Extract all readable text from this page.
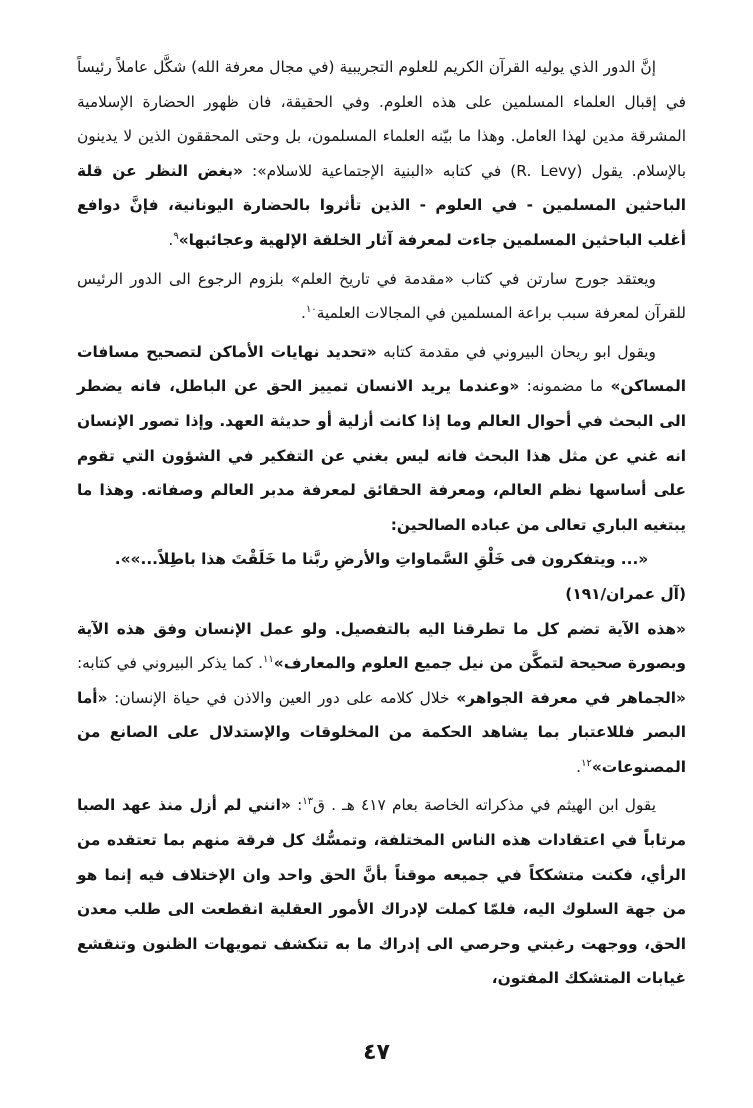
إنَّ الدور الذي يوليه القرآن الكريم للعلوم التجريبية (في مجال معرفة الله) شكَّل عاملاً رئيساً في إقبال العلماء المسلمين على هذه العلوم. وفي الحقيقة، فان ظهور الحضارة الإسلامية المشرقة مدين لهذا العامل. وهذا ما بيّنه العلماء المسلمون، بل وحتى المحققون الذين لا يدينون بالإسلام. يقول (R. Levy) في كتابه «البنية الإجتماعية للاسلام»: «بغض النظر عن قلة الباحثين المسلمين - في العلوم - الذين تأثروا بالحضارة اليونانية، فإنَّ دوافع أغلب الباحثين المسلمين جاءت لمعرفة آثار الخلقة الإلهية وعجائبها»$^٩$.

ويعتقد جورج سارتن في كتاب «مقدمة في تاريخ العلم» بلزوم الرجوع الى الدور الرئيس للقرآن لمعرفة سبب براعة المسلمين في المجالات العلمية$^{١٠}$.

ويقول ابو ريحان البيروني في مقدمة كتابه «تحديد نهايات الأماكن لتصحيح مسافات المساكن» ما مضمونه: «وعندما يريد الانسان تمييز الحق عن الباطل، فانه يضطر الى البحث في أحوال العالم وما إذا كانت أزلية أو حديثة العهد. وإذا تصور الإنسان انه غني عن مثل هذا البحث فانه ليس بغني عن التفكير في الشؤون التي تقوم على أساسها نظم العالم، ومعرفة الحقائق لمعرفة مدبر العالم وصفاته. وهذا ما يبتغيه الباري تعالى من عباده الصالحين:

«... ويتفكرون فى خَلْقِ السَّماواتِ والأرضِ ربَّنا ما خَلَقْتَ هذا باطِلاً...»».

(آل عمران/١٩١)

«هذه الآية تضم كل ما تطرقنا اليه بالتفصيل. ولو عمل الإنسان وفق هذه الآية وبصورة صحيحة لتمكَّن من نيل جميع العلوم والمعارف»$^{١١}$. كما يذكر البيروني في كتابه: «الجماهر في معرفة الجواهر» خلال كلامه على دور العين والاذن في حياة الإنسان: «أما البصر فللاعتبار بما يشاهد الحكمة من المخلوقات والإستدلال على الصانع من المصنوعات»$^{١٢}$.

يقول ابن الهيثم في مذكراته الخاصة بعام ٤١٧ هـ . ق$^{١٣}$: «انني لم أزل منذ عهد الصبا مرتاباً في اعتقادات هذه الناس المختلفة، وتمسُّك كل فرقة منهم بما تعتقده من الرأي، فكنت متشككاً في جميعه موقناً بأنَّ الحق واحد وان الإختلاف فيه إنما هو من جهة السلوك اليه، فلمّا كملت لإدراك الأمور العقلية انقطعت الى طلب معدن الحق، ووجهت رغبتي وحرصي الى إدراك ما به تنكشف تمويهات الظنون وتنقشع غيابات المتشكك المفتون،

٤٧
